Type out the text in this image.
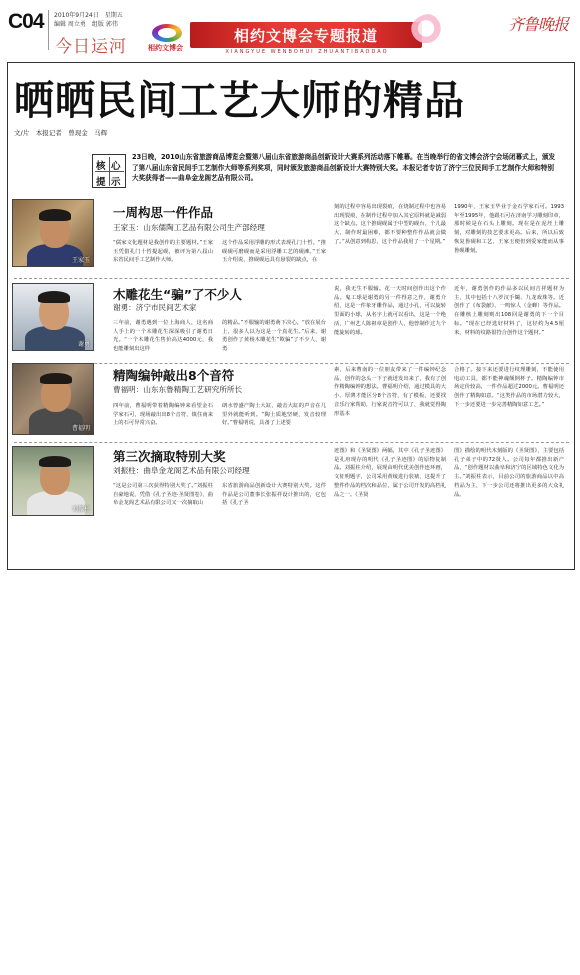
C04 2010年9月24日　星期五
编辑 周立勇　组版 郭伟
今日运河	相约文博会
相约文博会专题报道
XIANGYUE WENBOHUI ZHUANTIBAODAO
齐鲁晚报
晒晒民间工艺大师的精品
文/片　本报记者　曾现金　马辉
核 心
提 示
23日晚，2010山东省旅游商品博览会暨第八届山东省旅游商品创新设计大赛系列活动落下帷幕。在当晚举行的省文博会济宁会场闭幕式上，颁发了第八届山东省民间手工艺制作大师等系列奖项，同时颁发旅游商品创新设计大赛特别大奖。本报记者专访了济宁三位民间手工艺制作大师和特别大奖获得者——曲阜金龙阁艺品有限公司。
王家玉
一周构思一件作品
王家玉：山东儒陶工艺品有限公司生产部经理
“儒家文化题材是我创作的主要题材。”王家玉凭借孔门十哲提起砚，被评为第八届山东省民间手工艺制作大师。
这个作品采用浮雕的形式表现孔门十哲。“推砚砚可磨砚而是采用浮雕工艺的砚滩。”王家玉介绍说，推砚砚远具有悬裂的缺点，在
刻的过程中容易出现裂痕，在烧制过程中也容易出现裂痕，在制作过程中加入其它原料就是减弱这个缺点。这个推砚砚属于中型的砚台，个儿最大，制作时最困难，都不要种整件作品就会做了。”从创意到构思，这个作品我用了一个星期。”
1990年，王家玉毕业于金石学家石可。1993年至1995年，他跟石可在济南学习雕刻印章，那时候是在石头上雕刻。现在是在泥坯上雕刻，对雕刻的技艺要求更高。后来，所以后致恢复鲁砚和工艺，王家玉便但到爱家能而从事鲁砚雕刻。
谢勇
木雕花生“骗”了不少人
谢勇：济宁市民间艺术家
三年前，谢勇遇到一位上海商人，这名商人手上的一个木雕花生深深吸引了谢勇日光。“一个木雕花生售价高达4000元，我也能雕刻出这样
的精品。”不服输的谢勇萌下决心。“放在展台上，很多人以为这是一个真花生。”后来，谢勇创作了黄杨木雕花生“欺骗”了不少人，谢勇
说，我无生不服输。花一天时间创作出这个作品。鬼工球是谢勇的另一件得意之作，谢勇介绍，这是一件象牙雕作品，通过小孔，可以旋转里面的小球，从名字上就可以看出，这是一个绝活，广州艺人陈祖章是创作人，他曾制作过九个能旋转的球。
近年，谢勇创作的作品多以民间吉祥题材为主，其中包括十八罗汉手镯、九龙戏珠等。近创作了《布袋献》、一鸣惊人（金蝉）等作品。在雕核上雕刻则出108回是谢勇的下一个目标。“现在已经选好材料了，这径约为4.5厘米，材料的纹路很符合创作这个题材。”
曹福明
精陶编钟敲出8个音符
曹福明：山东东鲁精陶工艺研究所所长
四年前，曹福明带着精陶编钟来看望金石学家石可，现场敲出出8个音符，镇住南来上的石可异常兴奋。
朗水曾盛产陶土大缸，敲击大缸的声音在几里外就能听到。“陶土质地坚硬，发音较理好。”曹福明说，具备了上述要
素，后来曹南的一位朋友带来了一件编钟纪念品，创作的念头一下子就迸发出来了，我有了创作精陶编钟的想法。曹福明介绍，通过模具的大小、厚薄才能区分8个音符，有了模板，还要找音乐行家帮助，行家说音符可以了，我就觉得陶形基本
合格了。接下来还要进行纹理雕刻，不能使用电动工具，都不能神魂颠倒杯子。精陶编钟市场定价较高，一件作品超过2000元。曹福明还创作了精陶如意。“这类作品的市场潜力较大，下一步还要进一步完善精陶如意工艺。”
刘振柱
第三次摘取特别大奖
刘振柱：曲阜金龙阁艺术品有限公司经理
“这是公司第三次获得特别大奖了。”刘振柱自豪地说，凭借《孔子圣迹·圣贤图卷》，曲阜金龙阁艺术品有限公司又一次摘取山
东省旅游商品创新设计大赛特别大奖。这件作品是公司董事长张振祥设计推出的，它包括《孔子圣
迹图》和《圣贤图》两幅，其中《孔子圣迹图》是孔府现存的明代《孔子圣迹图》的原物复制品。刘振柱介绍，展现由明代优美创作连环画，文征明题字，公司采用黄绫进行装裱，这提升了整件作品的档次和品位，属于公司开发的高档礼品之一。《圣贤
图》描绘的明代木刻版的《圣贤图》，主要包括孔子弟子中的72贤人。公司每年都推出新产品，“创作题材以曲阜和济宁的区域特色文化为主。”刘振柱表示，目前公司的旅游商品以中高档品为主，下一步公司还将推出更多的大众礼品。
